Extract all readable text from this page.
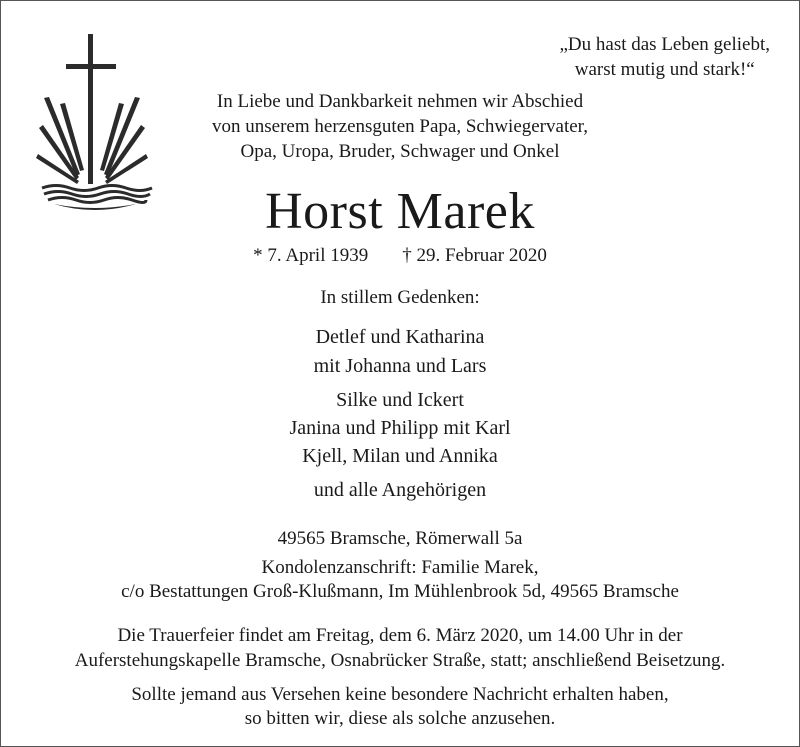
„Du hast das Leben geliebt,
warst mutig und stark!“
In Liebe und Dankbarkeit nehmen wir Abschied
von unserem herzensguten Papa, Schwiegervater,
Opa, Uropa, Bruder, Schwager und Onkel
Horst Marek
* 7. April 1939 † 29. Februar 2020
In stillem Gedenken:
Detlef und Katharina
mit Johanna und Lars
Silke und Ickert
Janina und Philipp mit Karl
Kjell, Milan und Annika
und alle Angehörigen
49565 Bramsche, Römerwall 5a
Kondolenzanschrift: Familie Marek,
c/o Bestattungen Groß-Klußmann, Im Mühlenbrook 5d, 49565 Bramsche
Die Trauerfeier findet am Freitag, dem 6. März 2020, um 14.00 Uhr in der
Auferstehungskapelle Bramsche, Osnabrücker Straße, statt; anschließend Beisetzung.
Sollte jemand aus Versehen keine besondere Nachricht erhalten haben,
so bitten wir, diese als solche anzusehen.
